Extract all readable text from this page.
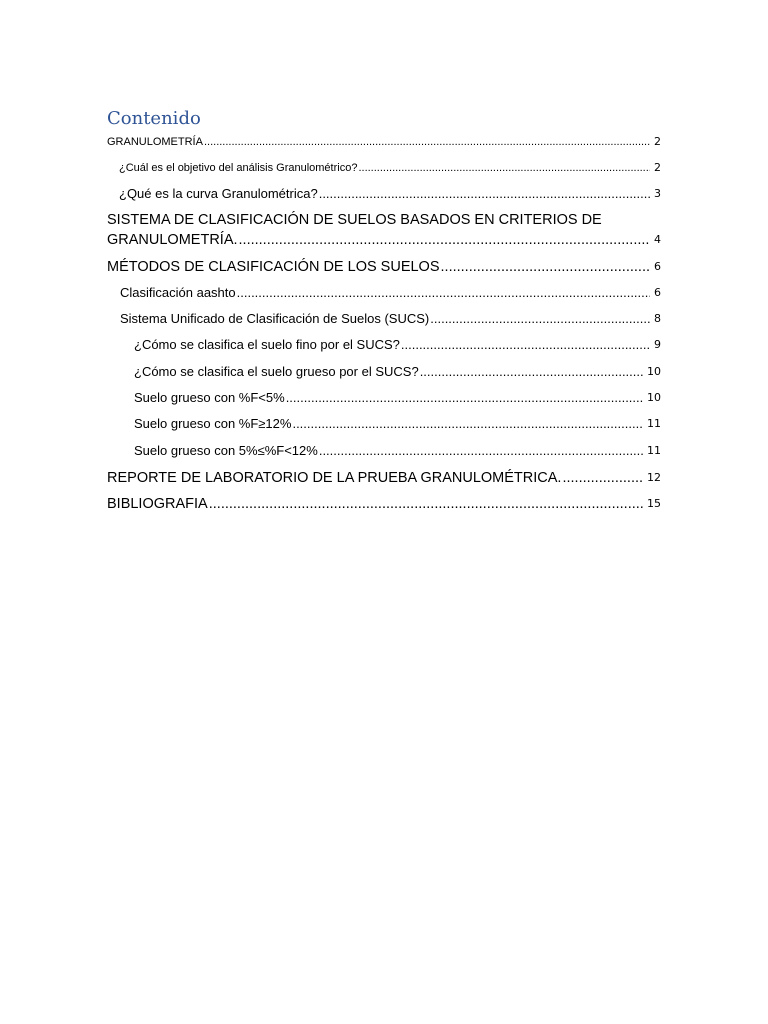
Contenido
GRANULOMETRÍA .....	2
¿Cuál es el objetivo del análisis Granulométrico? .....	2
¿Qué es la curva Granulométrica? .....	3
SISTEMA DE CLASIFICACIÓN DE SUELOS BASADOS EN CRITERIOS DE
GRANULOMETRÍA. .....	4
MÉTODOS DE CLASIFICACIÓN DE LOS SUELOS .....	6
Clasificación aashto .....	6
Sistema Unificado de Clasificación de Suelos (SUCS) .....	8
¿Cómo se clasifica el suelo fino por el SUCS? .....	9
¿Cómo se clasifica el suelo grueso por el SUCS? .....	10
Suelo grueso con %F<5% .....	10
Suelo grueso con %F≥12% .....	11
Suelo grueso con 5%≤%F<12% .....	11
REPORTE DE LABORATORIO DE LA PRUEBA GRANULOMÉTRICA. .....	12
BIBLIOGRAFIA .....	15
